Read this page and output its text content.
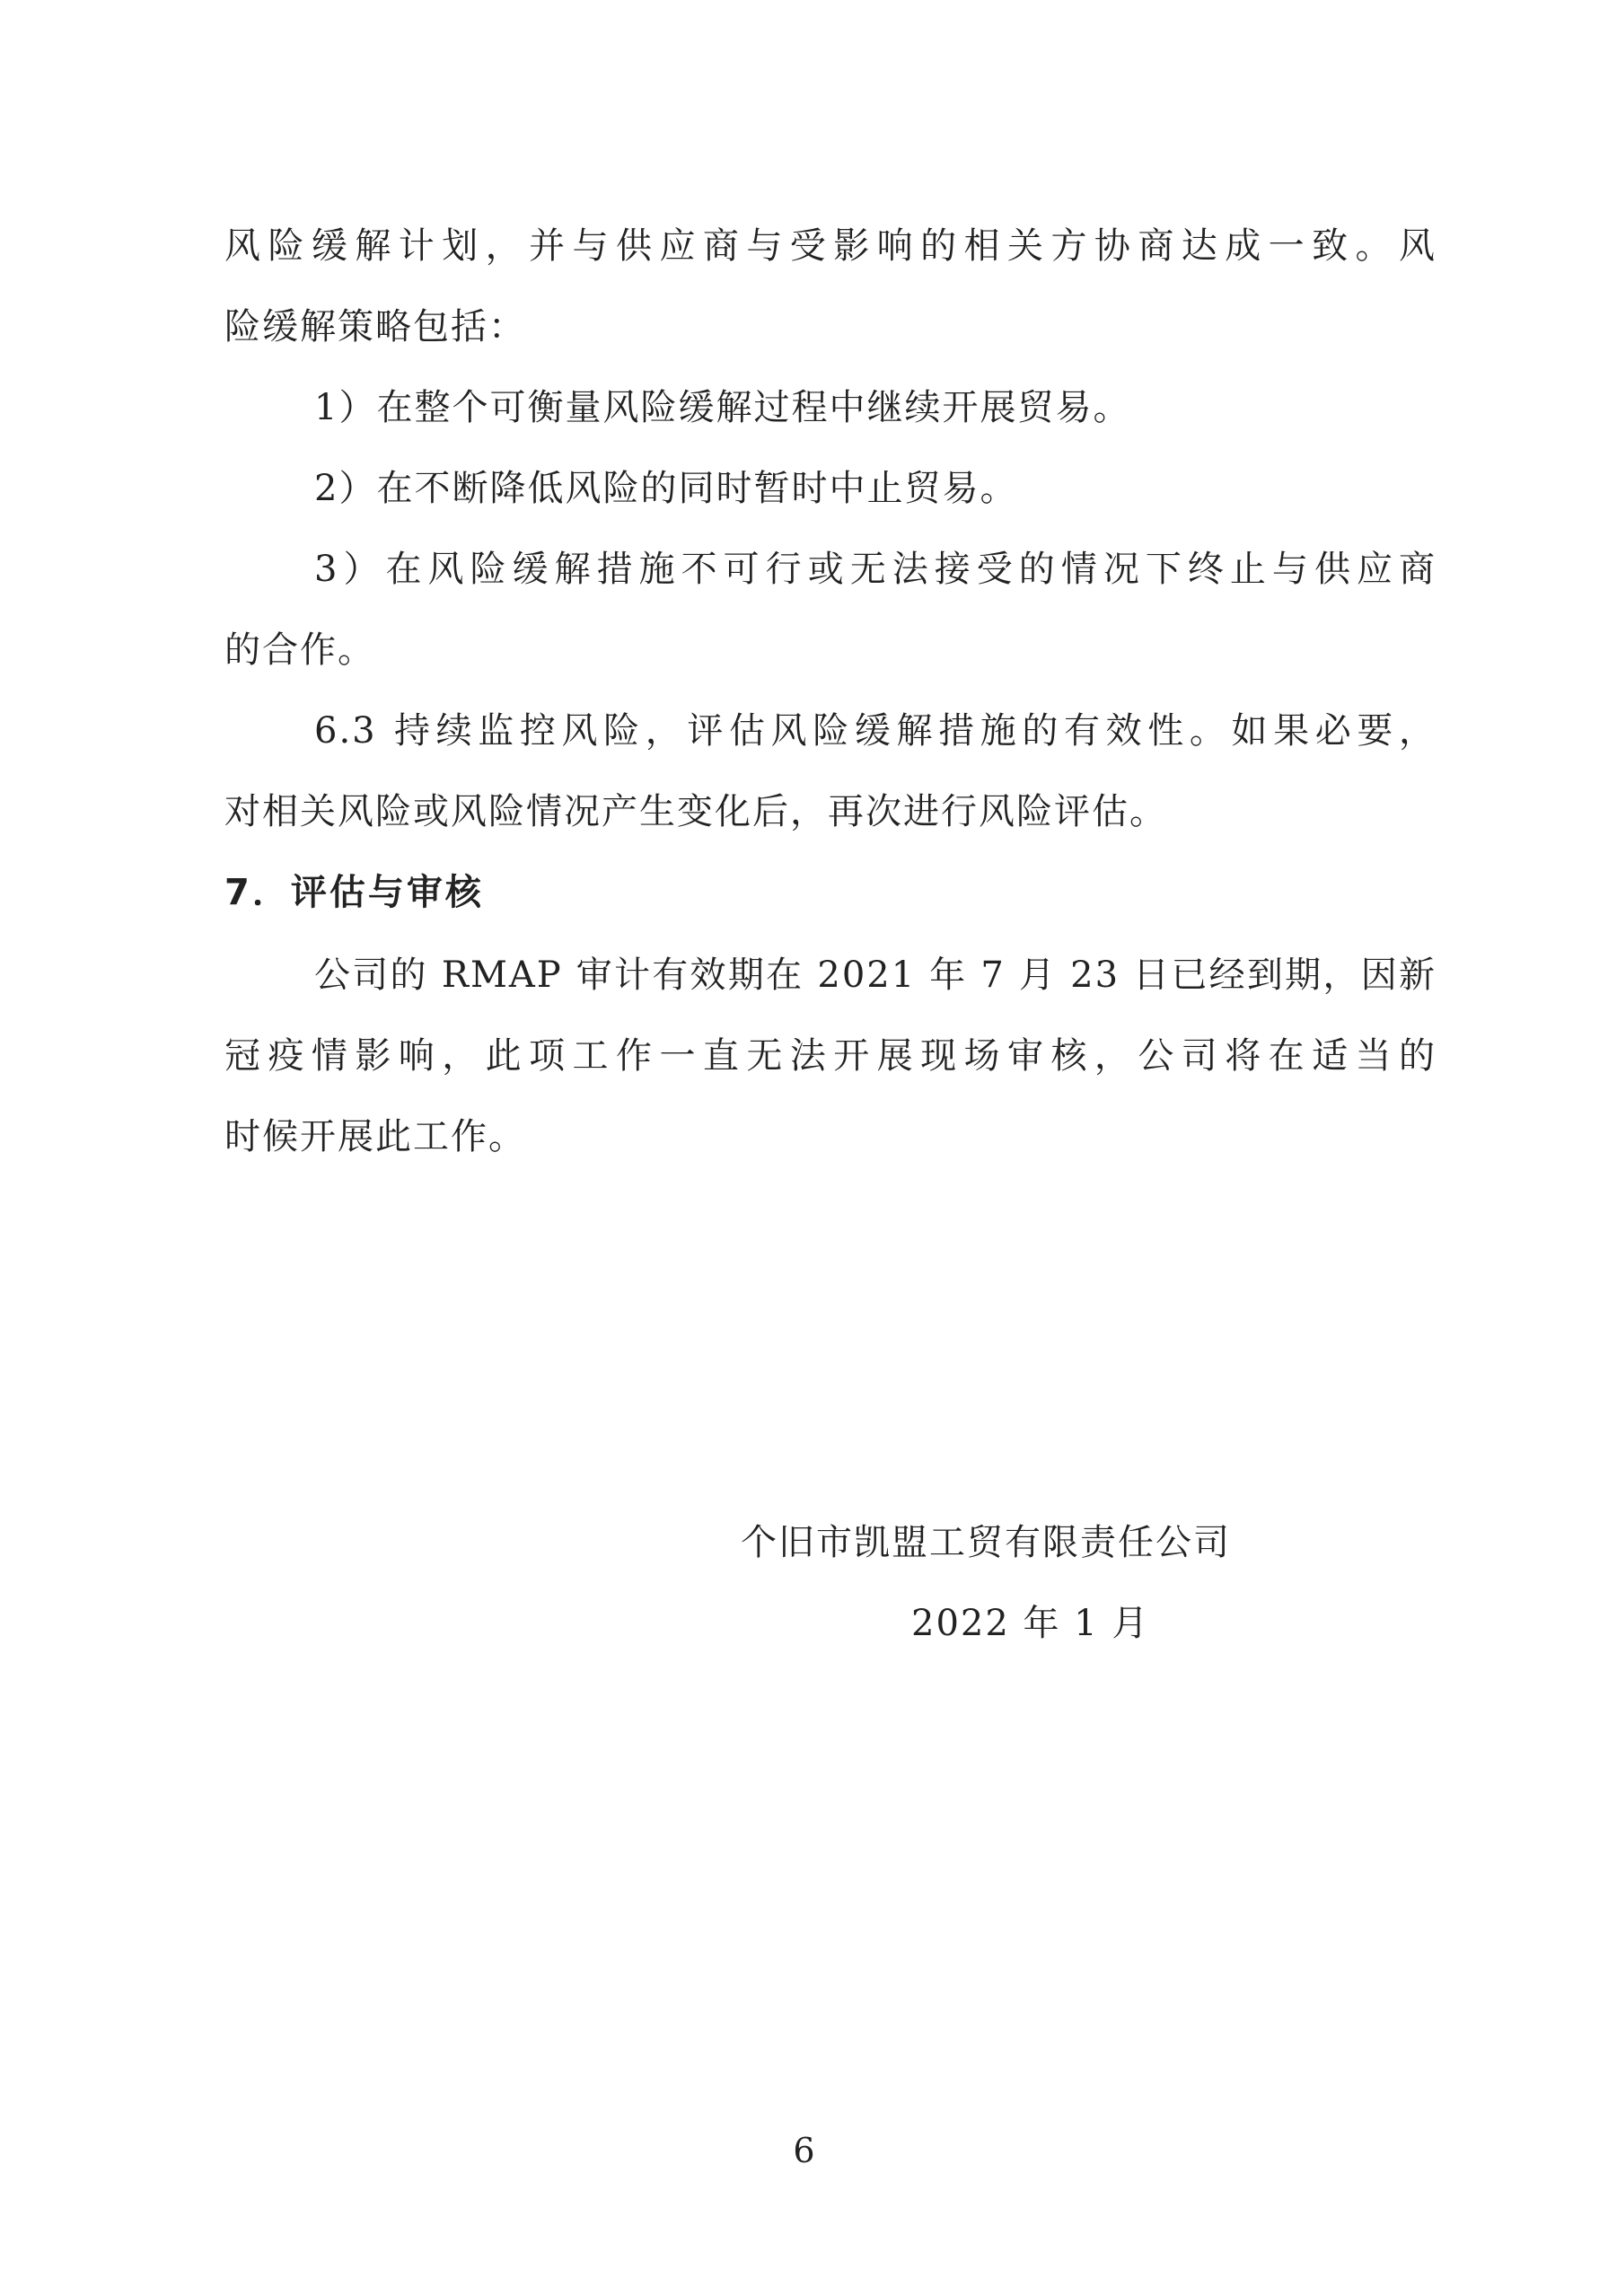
风险缓解计划，并与供应商与受影响的相关方协商达成一致。风
险缓解策略包括：
1）在整个可衡量风险缓解过程中继续开展贸易。
2）在不断降低风险的同时暂时中止贸易。
3）在风险缓解措施不可行或无法接受的情况下终止与供应商
的合作。
6.3 持续监控风险，评估风险缓解措施的有效性。如果必要，
对相关风险或风险情况产生变化后，再次进行风险评估。
7．评估与审核
公司的 RMAP 审计有效期在 2021 年 7 月 23 日已经到期，因新
冠疫情影响，此项工作一直无法开展现场审核，公司将在适当的
时候开展此工作。
个旧市凯盟工贸有限责任公司
2022 年 1 月
6
